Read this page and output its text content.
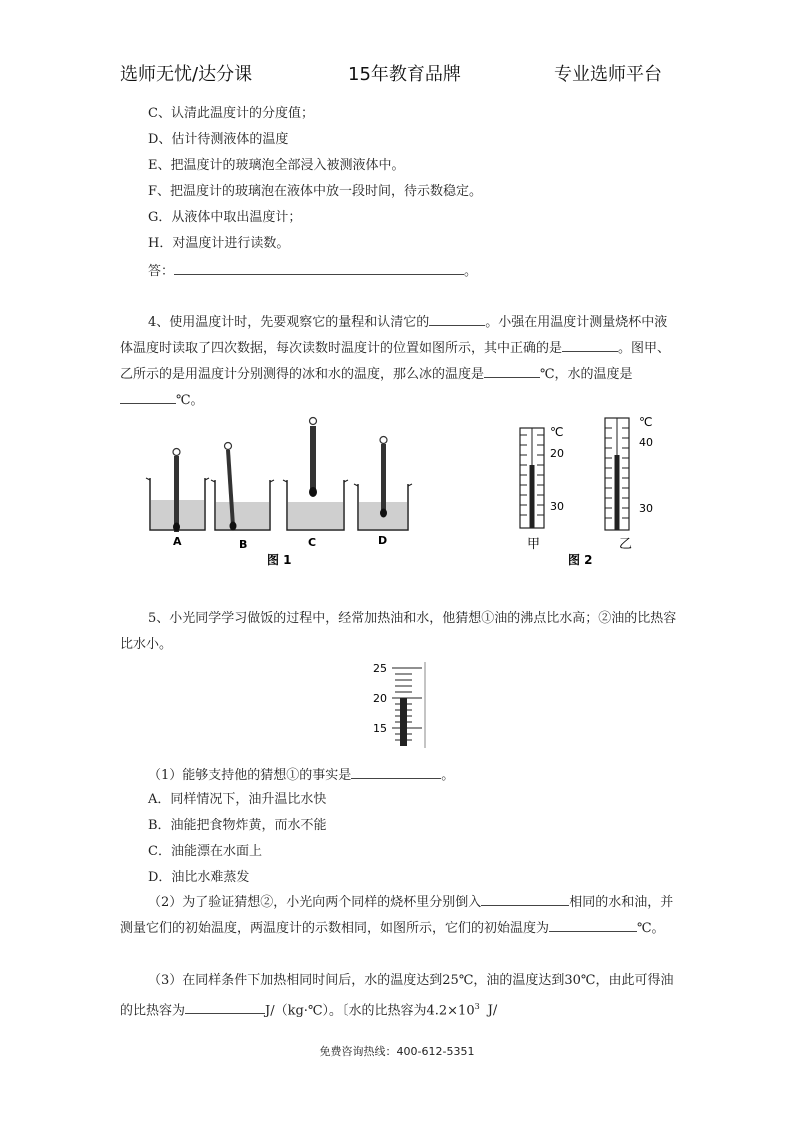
选师无忧/达分课	15年教育品牌	专业选师平台
C、认清此温度计的分度值；
D、估计待测液体的温度
E、把温度计的玻璃泡全部浸入被测液体中。
F、把温度计的玻璃泡在液体中放一段时间，待示数稳定。
G．从液体中取出温度计；
H．对温度计进行读数。
答：	。
4、使用温度计时，先要观察它的量程和认清它的	。小强在用温度计测量烧杯中液体温度时读取了四次数据，每次读数时温度计的位置如图所示，其中正确的是	。图甲、乙所示的是用温度计分别测得的冰和水的温度，那么冰的温度是	℃，水的温度是℃。
A	B	C	D
图 1
℃
20
30
甲
℃
40
30
乙
图 2
5、小光同学学习做饭的过程中，经常加热油和水，他猜想①油的沸点比水高；②油的比热容比水小。
25
20
15
（1）能够支持他的猜想①的事实是	。
A．同样情况下，油升温比水快
B．油能把食物炸黄，而水不能
C．油能漂在水面上
D．油比水难蒸发
（2）为了验证猜想②，小光向两个同样的烧杯里分别倒入	相同的水和油，并测量它们的初始温度，两温度计的示数相同，如图所示，它们的初始温度为	℃。
（3）在同样条件下加热相同时间后，水的温度达到25℃，油的温度达到30℃，由此可得油的比热容为	J/（kg·℃）。〔水的比热容为$4.2\times 10^3$ J/
免费咨询热线：400-612-5351
